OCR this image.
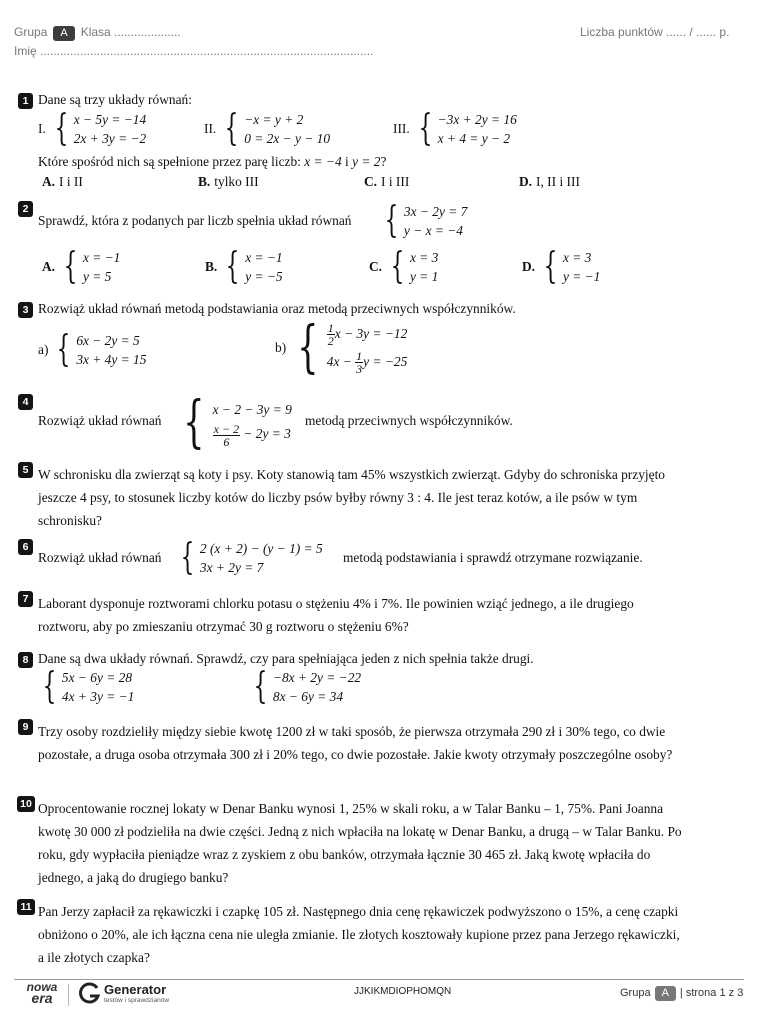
Grupa A Klasa ....................	Liczba punktów ...... / ...... p.
Imię ....................................................................................................
1 Dane są trzy układy równań:
I. { x − 5y = −14
2x + 3y = −2
II. { −x = y + 2
0 = 2x − y − 10
III. { −3x + 2y = 16
x + 4 = y − 2
Które spośród nich są spełnione przez parę liczb: x = −4 i y = 2?
A. I i II	B. tylko III	C. I i III	D. I, II i III
2
Sprawdź, która z podanych par liczb spełnia układ równań { 3x − 2y = 7
y − x = −4
A. { x = −1
y = 5
B. { x = −1
y = −5
C. { x = 3
y = 1
D. { x = 3
y = −1
3 Rozwiąż układ równań metodą podstawiania oraz metodą przeciwnych współczynników.
a) { 6x − 2y = 5
3x + 4y = 15
b) { $\frac{1}{2}$ x − 3y = −12
$4x - \frac{1}{3}$ y = −25
4
Rozwiąż układ równań { x − 2 − 3y = 9
$\frac{x - 2}{6} - 2y = 3$
metodą przeciwnych współczynników.
5 W schronisku dla zwierząt są koty i psy. Koty stanowią tam 45% wszystkich zwierząt. Gdyby do schroniska przyjęto jeszcze 4 psy, to stosunek liczby kotów do liczby psów byłby równy 3 : 4. Ile jest teraz kotów, a ile psów w tym schronisku?
6
Rozwiąż układ równań { 2 (x + 2) − (y − 1) = 5
3x + 2y = 7
metodą podstawiania i sprawdź otrzymane rozwiązanie.
7 Laborant dysponuje roztworami chlorku potasu o stężeniu 4% i 7%. Ile powinien wziąć jednego, a ile drugiego roztworu, aby po zmieszaniu otrzymać 30 g roztworu o stężeniu 6%?
8 Dane są dwa układy równań. Sprawdź, czy para spełniająca jeden z nich spełnia także drugi.
{ 5x − 6y = 28
4x + 3y = −1	{ −8x + 2y = −22
8x − 6y = 34
9 Trzy osoby rozdzieliły między siebie kwotę 1200 zł w taki sposób, że pierwsza otrzymała 290 zł i 30% tego, co dwie pozostałe, a druga osoba otrzymała 300 zł i 20% tego, co dwie pozostałe. Jakie kwoty otrzymały poszczególne osoby?
10 Oprocentowanie rocznej lokaty w Denar Banku wynosi 1, 25% w skali roku, a w Talar Banku – 1, 75%. Pani Joanna kwotę 30 000 zł podzieliła na dwie części. Jedną z nich wpłaciła na lokatę w Denar Banku, a drugą – w Talar Banku. Po roku, gdy wypłaciła pieniądze wraz z zyskiem z obu banków, otrzymała łącznie 30 465 zł. Jaką kwotę wpłaciła do jednego, a jaką do drugiego banku?
11 Pan Jerzy zapłacił za rękawiczki i czapkę 105 zł. Następnego dnia cenę rękawiczek podwyższono o 15%, a cenę czapki obniżono o 20%, ale ich łączna cena nie uległa zmianie. Ile złotych kosztowały kupione przez pana Jerzego rękawiczki, a ile złotych czapka?
nowa
era
Generator
testów i sprawdzianów
JJKIKMDIOPHOMQN	Grupa A | strona 1 z 3
